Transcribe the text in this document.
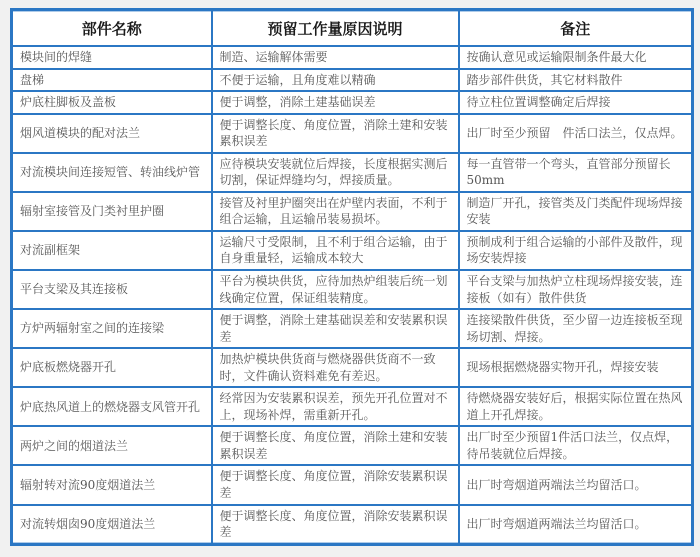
部件名称	预留工作量原因说明	备注
模块间的焊缝	制造、运输解体需要	按确认意见或运输限制条件最大化
盘梯	不便于运输，且角度难以精确	踏步部件供货，其它材料散件
炉底柱脚板及盖板	便于调整，消除土建基础误差	待立柱位置调整确定后焊接
烟风道模块的配对法兰	便于调整长度、角度位置，消除土建和安装累积误差	出厂时至少预留　件活口法兰，仅点焊。
对流模块间连接短管、转油线炉管	应待模块安装就位后焊接，长度根据实测后切割，保证焊缝均匀，焊接质量。	每一直管带一个弯头，直管部分预留长50mm
辐射室接管及门类衬里护圈	接管及衬里护圈突出在炉壁内表面，不利于组合运输，且运输吊装易损坏。	制造厂开孔，接管类及门类配件现场焊接安装
对流副框架	运输尺寸受限制，且不利于组合运输，由于自身重量轻，运输成本较大	预制成利于组合运输的小部件及散件，现场安装焊接
平台支梁及其连接板	平台为模块供货，应待加热炉组装后统一划线确定位置，保证组装精度。	平台支梁与加热炉立柱现场焊接安装，连接板（如有）散件供货
方炉两辐射室之间的连接梁	便于调整，消除土建基础误差和安装累积误差	连接梁散件供货，至少留一边连接板至现场切割、焊接。
炉底板燃烧器开孔	加热炉模块供货商与燃烧器供货商不一致时，文件确认资料难免有差迟。	现场根据燃烧器实物开孔，焊接安装
炉底热风道上的燃烧器支风管开孔	经常因为安装累积误差，预先开孔位置对不上，现场补焊，需重新开孔。	待燃烧器安装好后，根据实际位置在热风道上开孔焊接。
两炉之间的烟道法兰	便于调整长度、角度位置，消除土建和安装累积误差	出厂时至少预留1件活口法兰，仅点焊，待吊装就位后焊接。
辐射转对流90度烟道法兰	便于调整长度、角度位置，消除安装累积误差	出厂时弯烟道两端法兰均留活口。
对流转烟囱90度烟道法兰	便于调整长度、角度位置，消除安装累积误差	出厂时弯烟道两端法兰均留活口。
